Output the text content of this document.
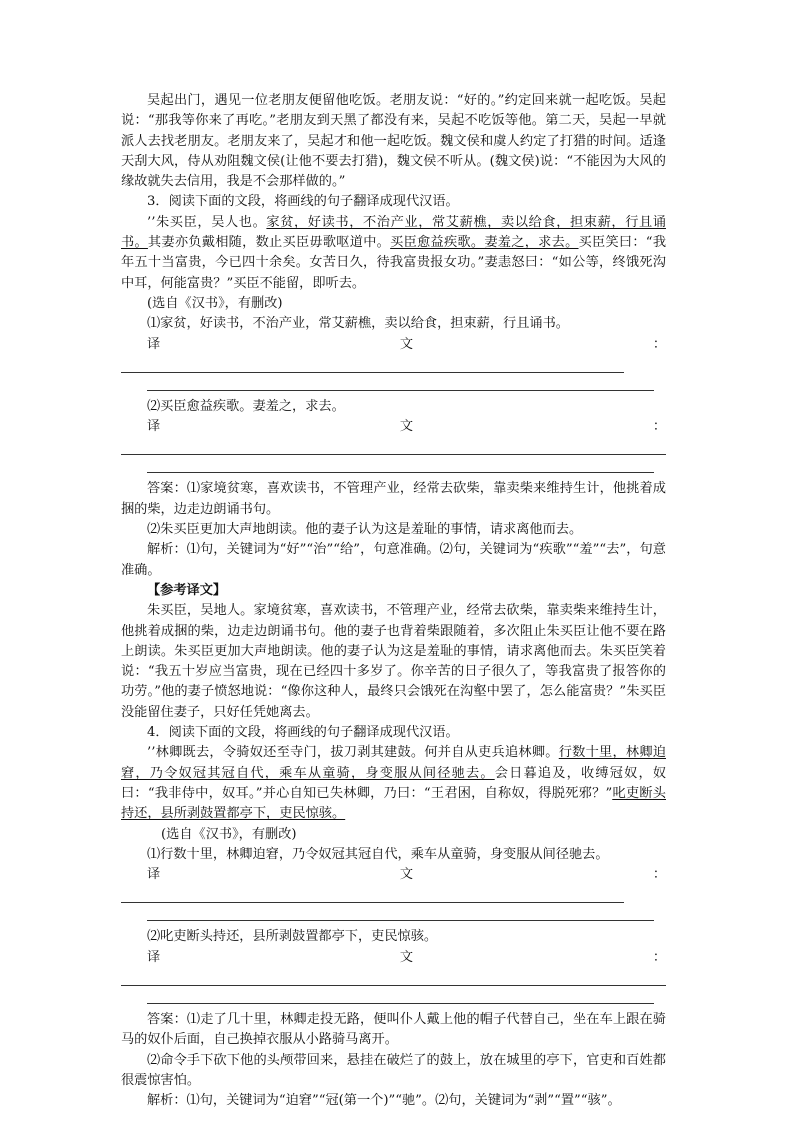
吴起出门，遇见一位老朋友便留他吃饭。老朋友说：“好的。”约定回来就一起吃饭。吴起说：“那我等你来了再吃。”老朋友到天黑了都没有来，吴起不吃饭等他。第二天，吴起一早就派人去找老朋友。老朋友来了，吴起才和他一起吃饭。魏文侯和虞人约定了打猎的时间。适逢天刮大风，侍从劝阻魏文侯(让他不要去打猎)，魏文侯不听从。(魏文侯)说：“不能因为大风的缘故就失去信用，我是不会那样做的。”

3．阅读下面的文段，将画线的句子翻译成现代汉语。

’’朱买臣，吴人也。家贫，好读书，不治产业，常艾薪樵，卖以给食，担束薪，行且诵书。其妻亦负戴相随，数止买臣毋歌呕道中。买臣愈益疾歌。妻羞之，求去。买臣笑曰：“我年五十当富贵，今已四十余矣。女苦日久，待我富贵报女功。”妻恚怒曰：“如公等，终饿死沟中耳，何能富贵？”买臣不能留，即听去。

(选自《汉书》，有删改)

⑴家贫，好读书，不治产业，常艾薪樵，卖以给食，担束薪，行且诵书。

译	文	：

⑵买臣愈益疾歌。妻羞之，求去。

译	文	：

答案：⑴家境贫寒，喜欢读书，不管理产业，经常去砍柴，靠卖柴来维持生计，他挑着成捆的柴，边走边朗诵书句。

⑵朱买臣更加大声地朗读。他的妻子认为这是羞耻的事情，请求离他而去。

解析：⑴句，关键词为“好”“治”“给”，句意准确。⑵句，关键词为“疾歌”“羞”“去”，句意准确。

【参考译文】

朱买臣，吴地人。家境贫寒，喜欢读书，不管理产业，经常去砍柴，靠卖柴来维持生计，他挑着成捆的柴，边走边朗诵书句。他的妻子也背着柴跟随着，多次阻止朱买臣让他不要在路上朗读。朱买臣更加大声地朗读。他的妻子认为这是羞耻的事情，请求离他而去。朱买臣笑着说：“我五十岁应当富贵，现在已经四十多岁了。你辛苦的日子很久了，等我富贵了报答你的功劳。”他的妻子愤怒地说：“像你这种人，最终只会饿死在沟壑中罢了，怎么能富贵？”朱买臣没能留住妻子，只好任凭她离去。

4．阅读下面的文段，将画线的句子翻译成现代汉语。

’’林卿既去，令骑奴还至寺门，拔刀剥其建鼓。何并自从吏兵追林卿。行数十里，林卿迫窘，乃令奴冠其冠自代，乘车从童骑，身变服从间径驰去。会日暮追及，收缚冠奴，奴曰：“我非侍中，奴耳。”并心自知已失林卿，乃曰：“王君困，自称奴，得脱死邪？”叱吏断头持还，县所剥鼓置都亭下，吏民惊骇。

(选自《汉书》，有删改)

⑴行数十里，林卿迫窘，乃令奴冠其冠自代，乘车从童骑，身变服从间径驰去。

译	文	：

⑵叱吏断头持还，县所剥鼓置都亭下，吏民惊骇。

译	文	：

答案：⑴走了几十里，林卿走投无路，便叫仆人戴上他的帽子代替自己，坐在车上跟在骑马的奴仆后面，自己换掉衣服从小路骑马离开。

⑵命令手下砍下他的头颅带回来，悬挂在破烂了的鼓上，放在城里的亭下，官吏和百姓都很震惊害怕。

解析：⑴句，关键词为“迫窘”“冠(第一个)”“驰”。⑵句，关键词为“剥”“置”“骇”。
